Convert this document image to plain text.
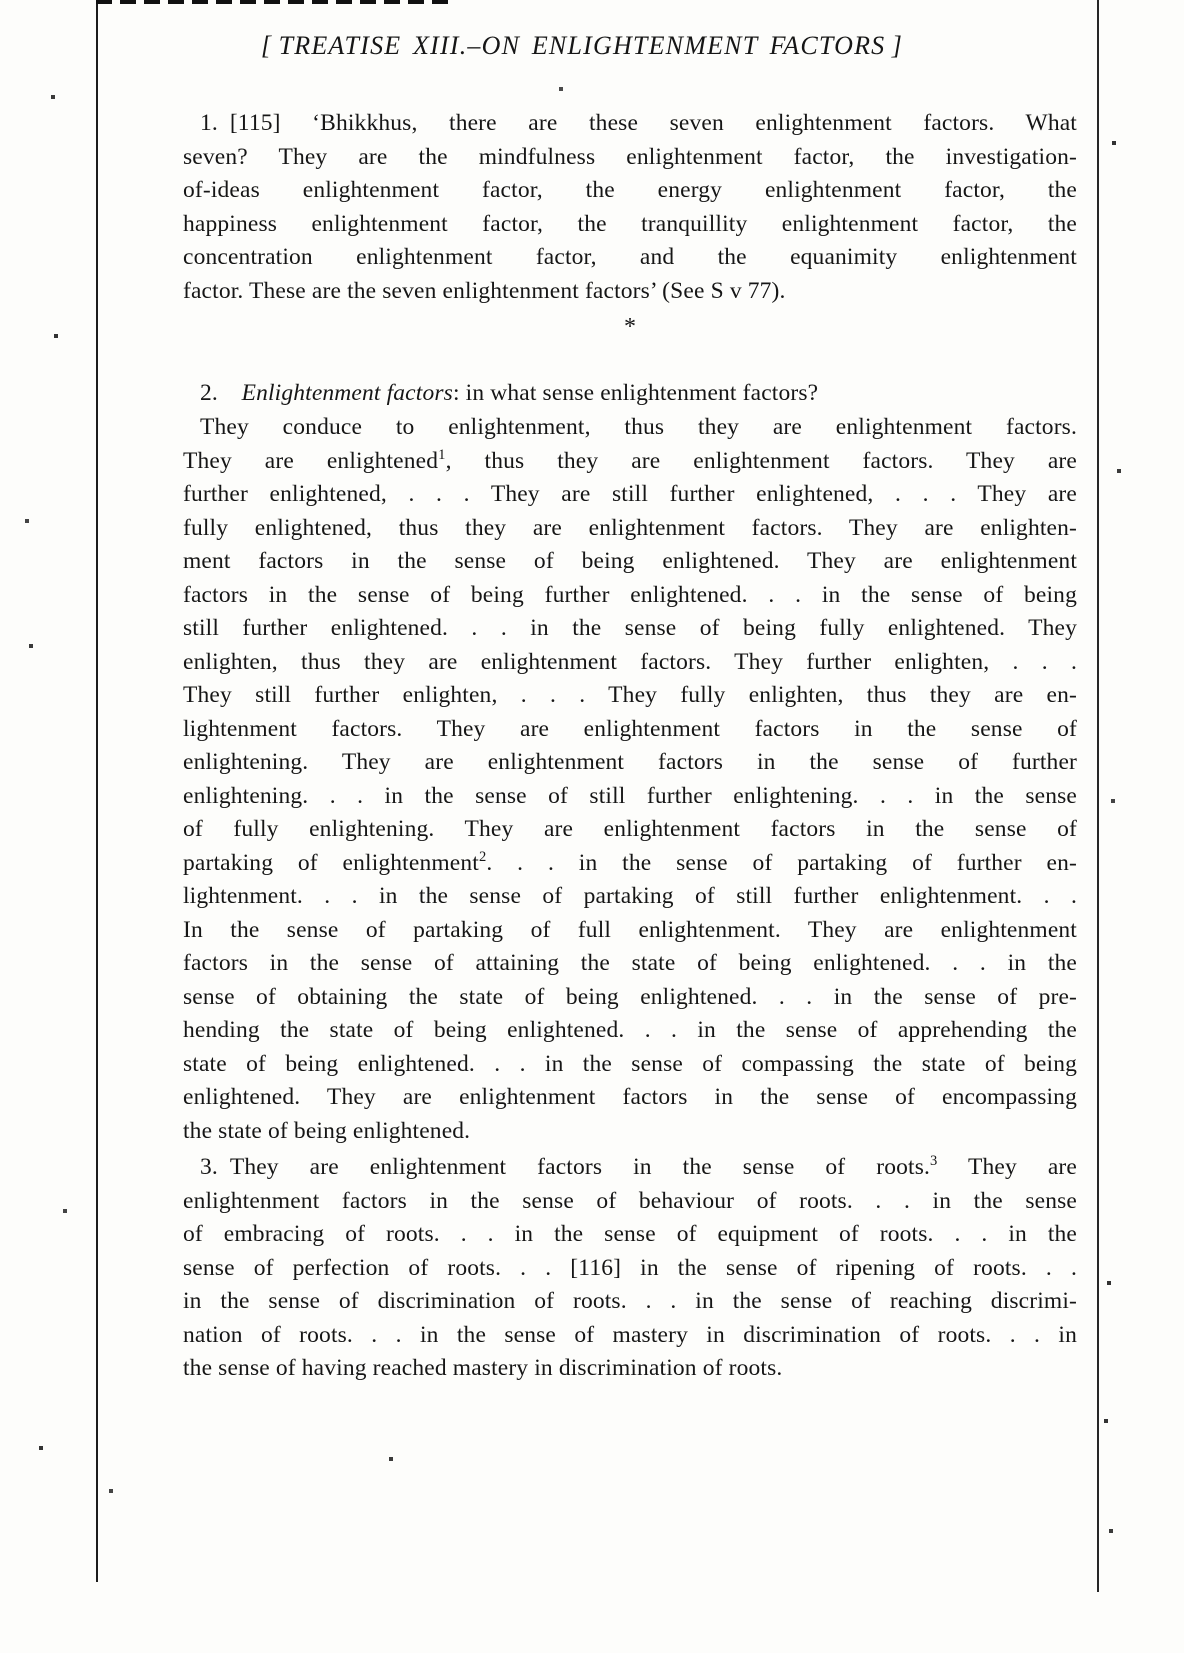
[ TREATISE XIII.–ON ENLIGHTENMENT FACTORS ]
1. [115] ‘Bhikkhus, there are these seven enlightenment factors. What
seven? They are the mindfulness enlightenment factor, the investigation-
of-ideas enlightenment factor, the energy enlightenment factor, the
happiness enlightenment factor, the tranquillity enlightenment factor, the
concentration enlightenment factor, and the equanimity enlightenment
factor. These are the seven enlightenment factors’ (See S v 77).
*
2. Enlightenment factors: in what sense enlightenment factors?
They conduce to enlightenment, thus they are enlightenment factors.
They are enlightened$^1$, thus they are enlightenment factors. They are
further enlightened, . . . They are still further enlightened, . . . They are
fully enlightened, thus they are enlightenment factors. They are enlighten-
ment factors in the sense of being enlightened. They are enlightenment
factors in the sense of being further enlightened. . . in the sense of being
still further enlightened. . . in the sense of being fully enlightened. They
enlighten, thus they are enlightenment factors. They further enlighten, . . .
They still further enlighten, . . . They fully enlighten, thus they are en-
lightenment factors. They are enlightenment factors in the sense of
enlightening. They are enlightenment factors in the sense of further
enlightening. . . in the sense of still further enlightening. . . in the sense
of fully enlightening. They are enlightenment factors in the sense of
partaking of enlightenment$^2$. . . in the sense of partaking of further en-
lightenment. . . in the sense of partaking of still further enlightenment. . .
In the sense of partaking of full enlightenment. They are enlightenment
factors in the sense of attaining the state of being enlightened. . . in the
sense of obtaining the state of being enlightened. . . in the sense of pre-
hending the state of being enlightened. . . in the sense of apprehending the
state of being enlightened. . . in the sense of compassing the state of being
enlightened. They are enlightenment factors in the sense of encompassing
the state of being enlightened.
3. They are enlightenment factors in the sense of roots.$^3$ They are
enlightenment factors in the sense of behaviour of roots. . . in the sense
of embracing of roots. . . in the sense of equipment of roots. . . in the
sense of perfection of roots. . . [116] in the sense of ripening of roots. . .
in the sense of discrimination of roots. . . in the sense of reaching discrimi-
nation of roots. . . in the sense of mastery in discrimination of roots. . . in
the sense of having reached mastery in discrimination of roots.
